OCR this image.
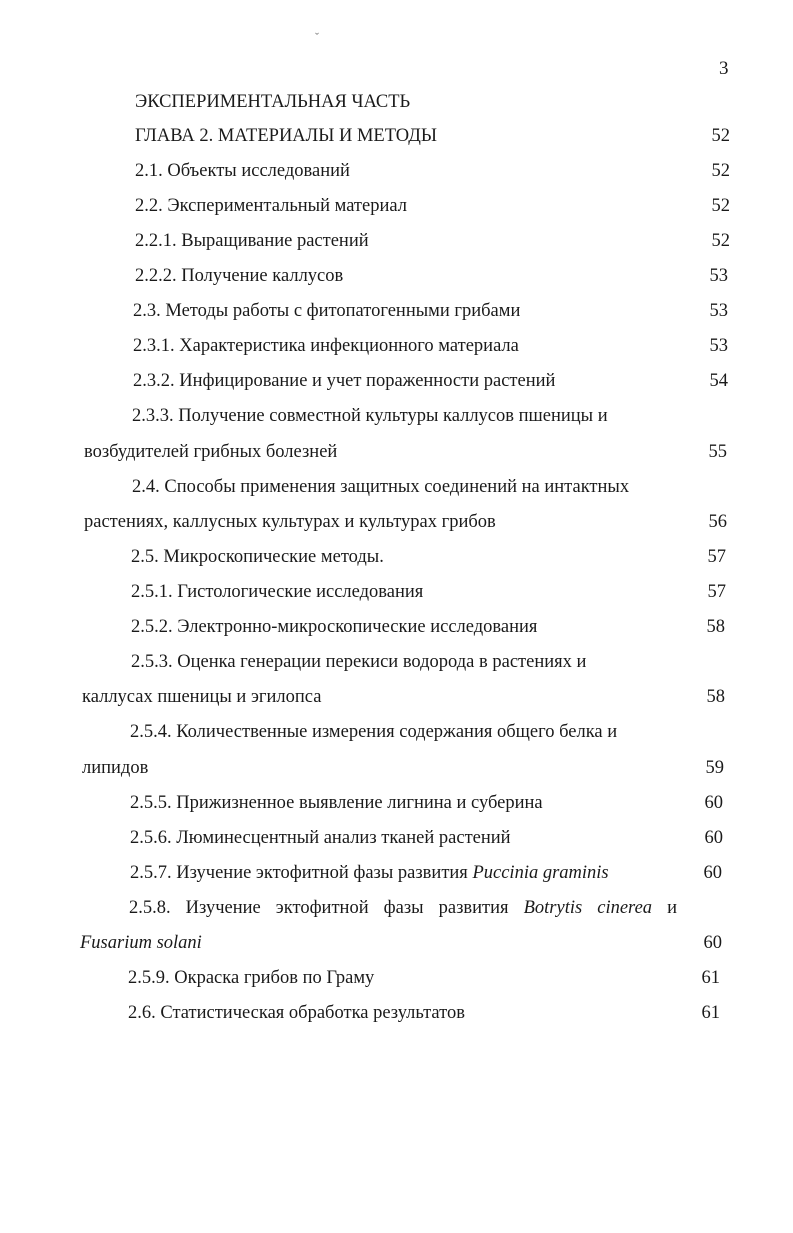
ˇ
3
ЭКСПЕРИМЕНТАЛЬНАЯ ЧАСТЬ
ГЛАВА 2. МАТЕРИАЛЫ И МЕТОДЫ	52
2.1. Объекты исследований	52
2.2. Экспериментальный материал	52
2.2.1. Выращивание растений	52
2.2.2. Получение каллусов	53
2.3. Методы работы с фитопатогенными грибами	53
2.3.1. Характеристика инфекционного материала	53
2.3.2. Инфицирование и учет пораженности растений	54
2.3.3. Получение совместной культуры каллусов пшеницы и
возбудителей грибных болезней	55
2.4. Способы применения защитных соединений на интактных
растениях, каллусных культурах и культурах грибов	56
2.5. Микроскопические методы.	57
2.5.1. Гистологические исследования	57
2.5.2. Электронно-микроскопические исследования	58
2.5.3. Оценка генерации перекиси водорода в растениях и
каллусах пшеницы и эгилопса	58
2.5.4. Количественные измерения содержания общего белка и
липидов	59
2.5.5. Прижизненное выявление лигнина и суберина	60
2.5.6. Люминесцентный анализ тканей растений	60
2.5.7. Изучение эктофитной фазы развития Puccinia graminis	60
2.5.8. Изучение эктофитной фазы развития Botrytis cinerea и
Fusarium solani	60
2.5.9. Окраска грибов по Граму	61
2.6. Статистическая обработка результатов	61
